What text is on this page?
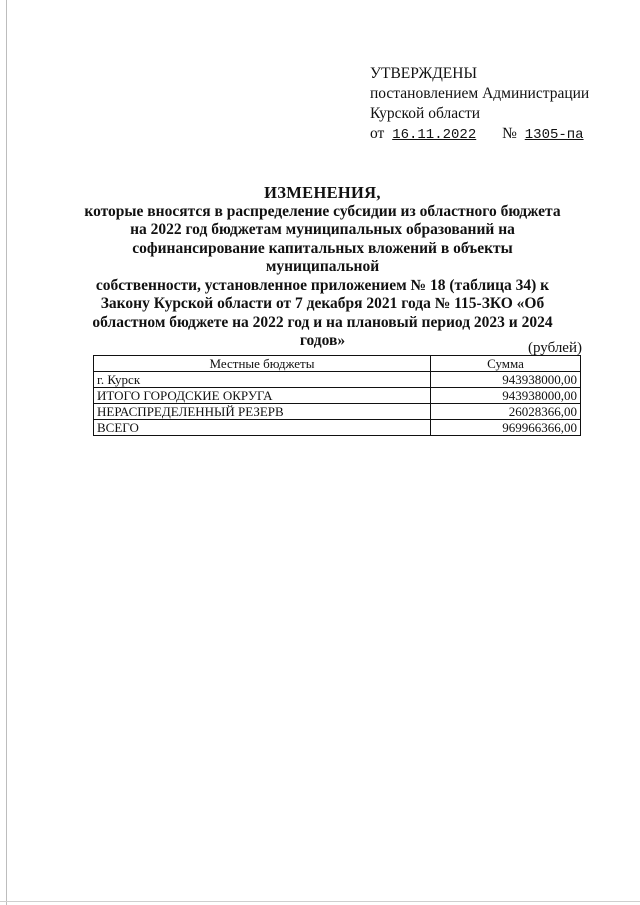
УТВЕРЖДЕНЫ
постановлением Администрации
Курской области
от 16.11.2022 № 1305-па
ИЗМЕНЕНИЯ,
которые вносятся в распределение субсидии из областного бюджета
на 2022 год бюджетам муниципальных образований на
софинансирование капитальных вложений в объекты муниципальной
собственности, установленное приложением № 18 (таблица 34) к
Закону Курской области от 7 декабря 2021 года № 115-ЗКО «Об
областном бюджете на 2022 год и на плановый период 2023 и 2024
годов»	(рублей)
Местные бюджеты	Сумма
г. Курск	943938000,00
ИТОГО ГОРОДСКИЕ ОКРУГА	943938000,00
НЕРАСПРЕДЕЛЕННЫЙ РЕЗЕРВ	26028366,00
ВСЕГО	969966366,00
